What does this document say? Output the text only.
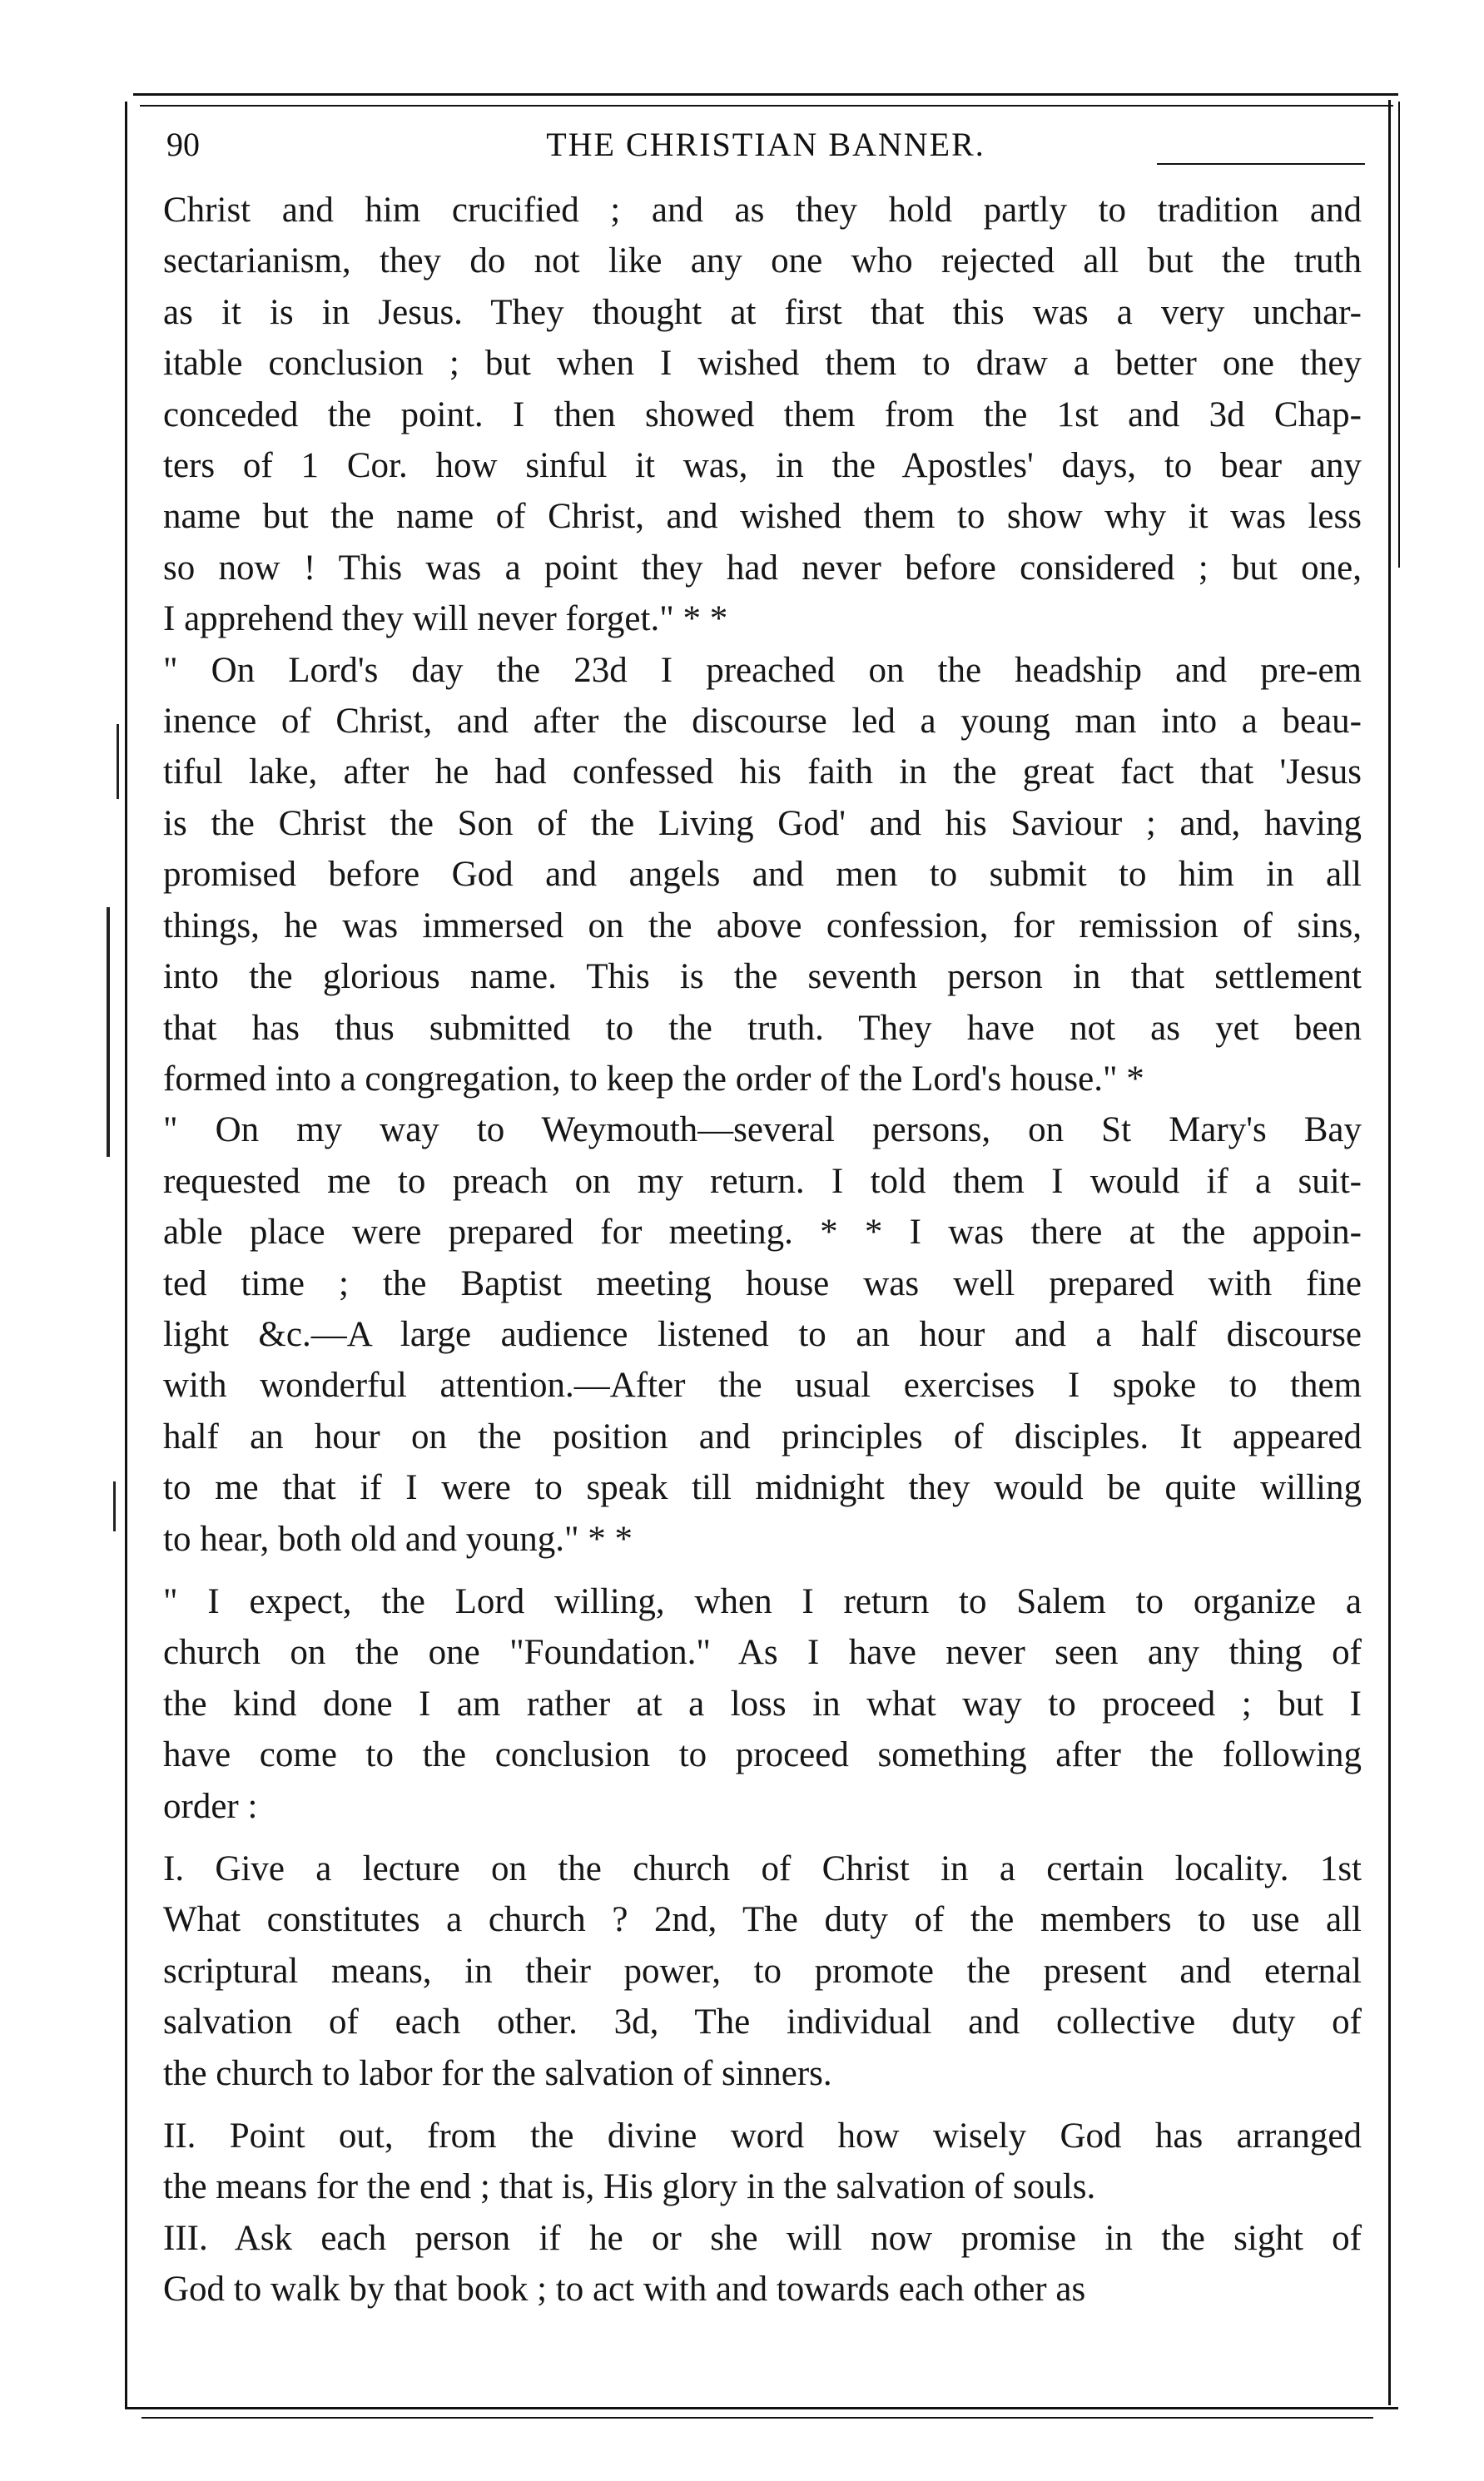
90	THE CHRISTIAN BANNER.
Christ and him crucified ; and as they hold partly to tradition and
sectarianism, they do not like any one who rejected all but the truth
as it is in Jesus. They thought at first that this was a very unchar-
itable conclusion ; but when I wished them to draw a better one they
conceded the point. I then showed them from the 1st and 3d Chap-
ters of 1 Cor. how sinful it was, in the Apostles' days, to bear any
name but the name of Christ, and wished them to show why it was less
so now ! This was a point they had never before considered ; but one,
I apprehend they will never forget." * *
" On Lord's day the 23d I preached on the headship and pre-em
inence of Christ, and after the discourse led a young man into a beau-
tiful lake, after he had confessed his faith in the great fact that 'Jesus
is the Christ the Son of the Living God' and his Saviour ; and, having
promised before God and angels and men to submit to him in all
things, he was immersed on the above confession, for remission of sins,
into the glorious name. This is the seventh person in that settlement
that has thus submitted to the truth. They have not as yet been
formed into a congregation, to keep the order of the Lord's house." *
" On my way to Weymouth—several persons, on St Mary's Bay
requested me to preach on my return. I told them I would if a suit-
able place were prepared for meeting. * * I was there at the appoin-
ted time ; the Baptist meeting house was well prepared with fine
light &c.—A large audience listened to an hour and a half discourse
with wonderful attention.—After the usual exercises I spoke to them
half an hour on the position and principles of disciples. It appeared
to me that if I were to speak till midnight they would be quite willing
to hear, both old and young." * *
" I expect, the Lord willing, when I return to Salem to organize a
church on the one "Foundation." As I have never seen any thing of
the kind done I am rather at a loss in what way to proceed ; but I
have come to the conclusion to proceed something after the following
order :
I. Give a lecture on the church of Christ in a certain locality. 1st
What constitutes a church ? 2nd, The duty of the members to use all
scriptural means, in their power, to promote the present and eternal
salvation of each other. 3d, The individual and collective duty of
the church to labor for the salvation of sinners.
II. Point out, from the divine word how wisely God has arranged
the means for the end ; that is, His glory in the salvation of souls.
III. Ask each person if he or she will now promise in the sight of
God to walk by that book ; to act with and towards each other as
